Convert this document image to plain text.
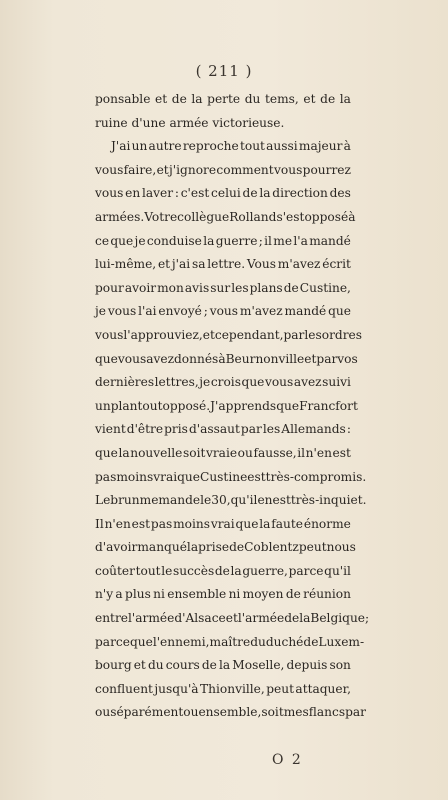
( 211 )
ponsable et de la perte du tems, et de la
ruine d'une armée victorieuse.
J'ai un autre reproche tout aussi majeur à
vous faire, et j'ignore comment vous pourrez
vous en laver : c'est celui de la direction des
armées. Votre collègue Rolland s'est opposé à
ce que je conduise la guerre ; il me l'a mandé
lui-même, et j'ai sa lettre. Vous m'avez écrit
pour avoir mon avis sur les plans de Custine,
je vous l'ai envoyé ; vous m'avez mandé que
vous l'approuviez, et cependant, par les ordres
que vous avez donnés à Beurnonville et par vos
dernières lettres, je crois que vous avez suivi
un plan tout opposé. J'apprends que Francfort
vient d'être pris d'assaut par les Allemands :
que la nouvelle soit vraie ou fausse, il n'en est
pas moins vrai que Custine est très-compromis.
Lebrun me mande le 30, qu'il en est très-inquiet.
Il n'en est pas moins vrai que la faute énorme
d'avoir manqué la prise de Coblentz peut nous
coûter tout le succès de la guerre, parce qu'il
n'y a plus ni ensemble ni moyen de réunion
entre l'armée d'Alsace et l'armée de la Belgique;
parce que l'ennemi, maître du duché de Luxem-
bourg et du cours de la Moselle, depuis son
confluent jusqu'à Thionville, peut attaquer,
ou séparément ou ensemble, soit mes flancs par
O 2
